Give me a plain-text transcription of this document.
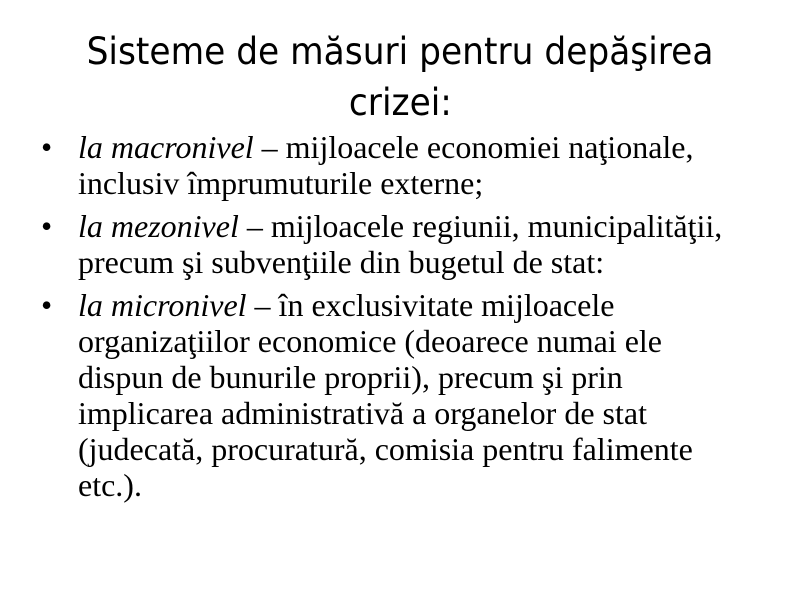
Sisteme de măsuri pentru depăşirea
crizei:
• la macronivel – mijloacele economiei naţionale,
inclusiv împrumuturile externe;
• la mezonivel – mijloacele regiunii, municipalităţii,
precum şi subvenţiile din bugetul de stat:
• la micronivel – în exclusivitate mijloacele
organizaţiilor economice (deoarece numai ele
dispun de bunurile proprii), precum şi prin
implicarea administrativă a organelor de stat
(judecată, procuratură, comisia pentru falimente
etc.).
